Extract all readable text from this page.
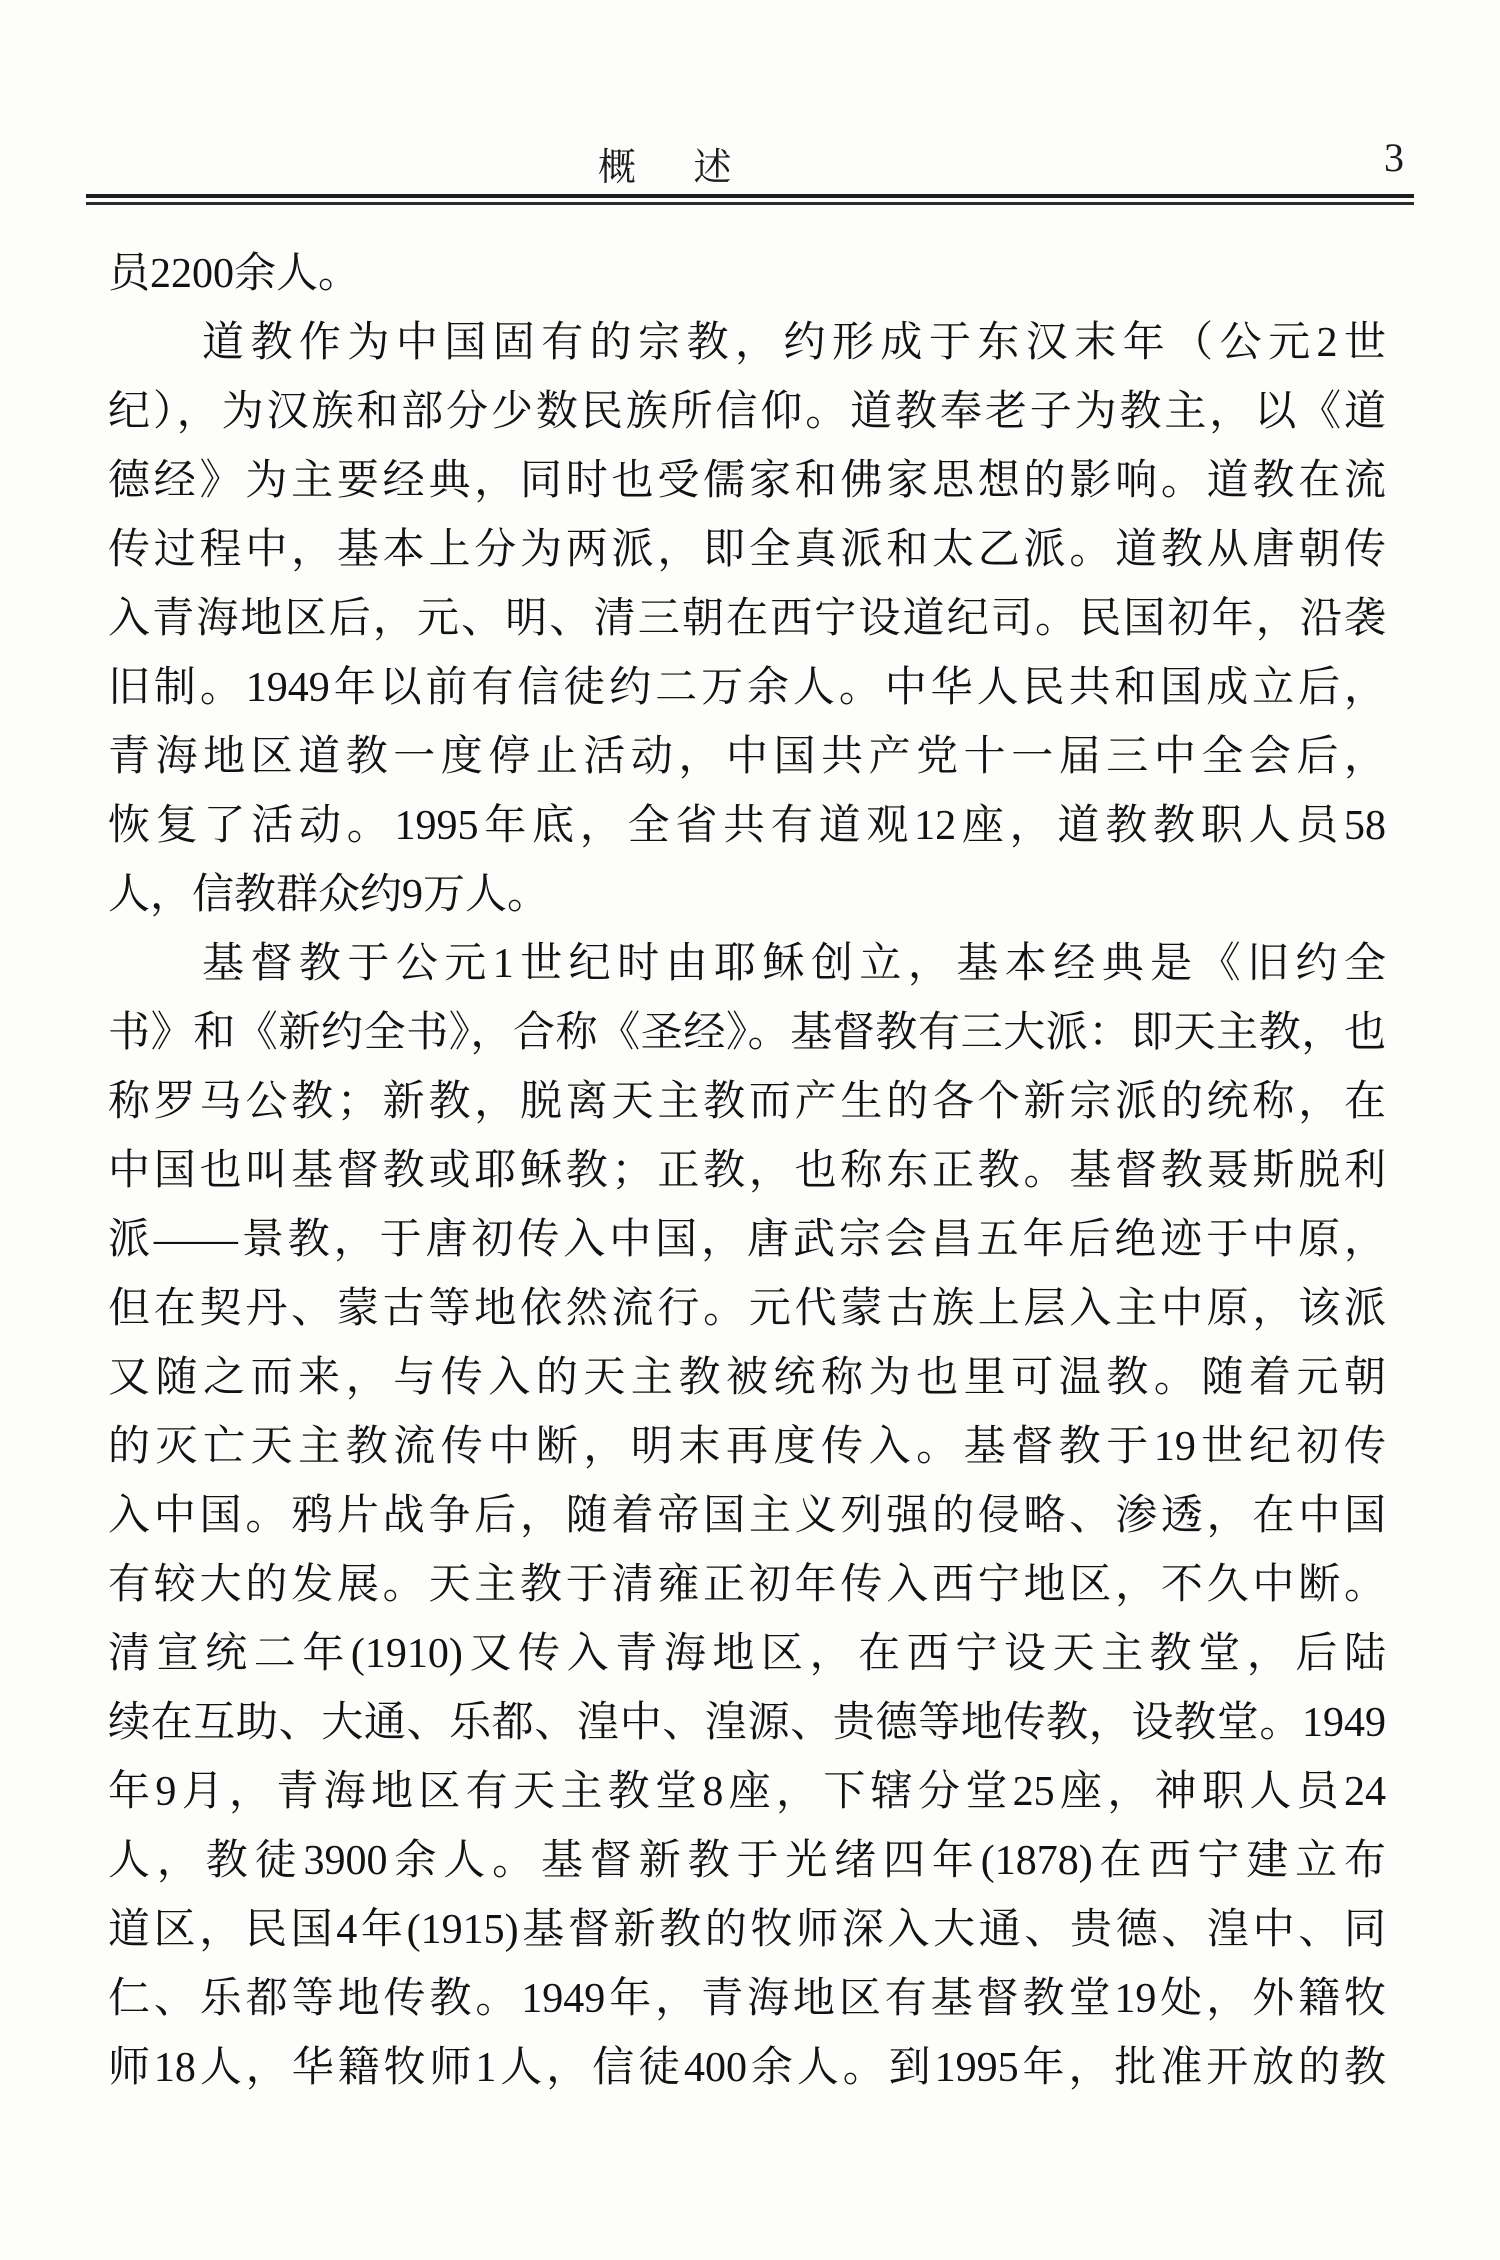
概 述	3
员2200余人。
道教作为中国固有的宗教，约形成于东汉末年（公元2世
纪），为汉族和部分少数民族所信仰。道教奉老子为教主，以《道
德经》为主要经典，同时也受儒家和佛家思想的影响。道教在流
传过程中，基本上分为两派，即全真派和太乙派。道教从唐朝传
入青海地区后，元、明、清三朝在西宁设道纪司。民国初年，沿袭
旧制。1949年以前有信徒约二万余人。中华人民共和国成立后，
青海地区道教一度停止活动，中国共产党十一届三中全会后，
恢复了活动。1995年底，全省共有道观12座，道教教职人员58
人，信教群众约9万人。
基督教于公元1世纪时由耶稣创立，基本经典是《旧约全
书》和《新约全书》，合称《圣经》。基督教有三大派：即天主教，也
称罗马公教；新教，脱离天主教而产生的各个新宗派的统称，在
中国也叫基督教或耶稣教；正教，也称东正教。基督教聂斯脱利
派——景教，于唐初传入中国，唐武宗会昌五年后绝迹于中原，
但在契丹、蒙古等地依然流行。元代蒙古族上层入主中原，该派
又随之而来，与传入的天主教被统称为也里可温教。随着元朝
的灭亡天主教流传中断，明末再度传入。基督教于19世纪初传
入中国。鸦片战争后，随着帝国主义列强的侵略、渗透，在中国
有较大的发展。天主教于清雍正初年传入西宁地区，不久中断。
清宣统二年(1910)又传入青海地区，在西宁设天主教堂，后陆
续在互助、大通、乐都、湟中、湟源、贵德等地传教，设教堂。1949
年9月，青海地区有天主教堂8座，下辖分堂25座，神职人员24
人，教徒3900余人。基督新教于光绪四年(1878)在西宁建立布
道区，民国4年(1915)基督新教的牧师深入大通、贵德、湟中、同
仁、乐都等地传教。1949年，青海地区有基督教堂19处，外籍牧
师18人，华籍牧师1人，信徒400余人。到1995年，批准开放的教
